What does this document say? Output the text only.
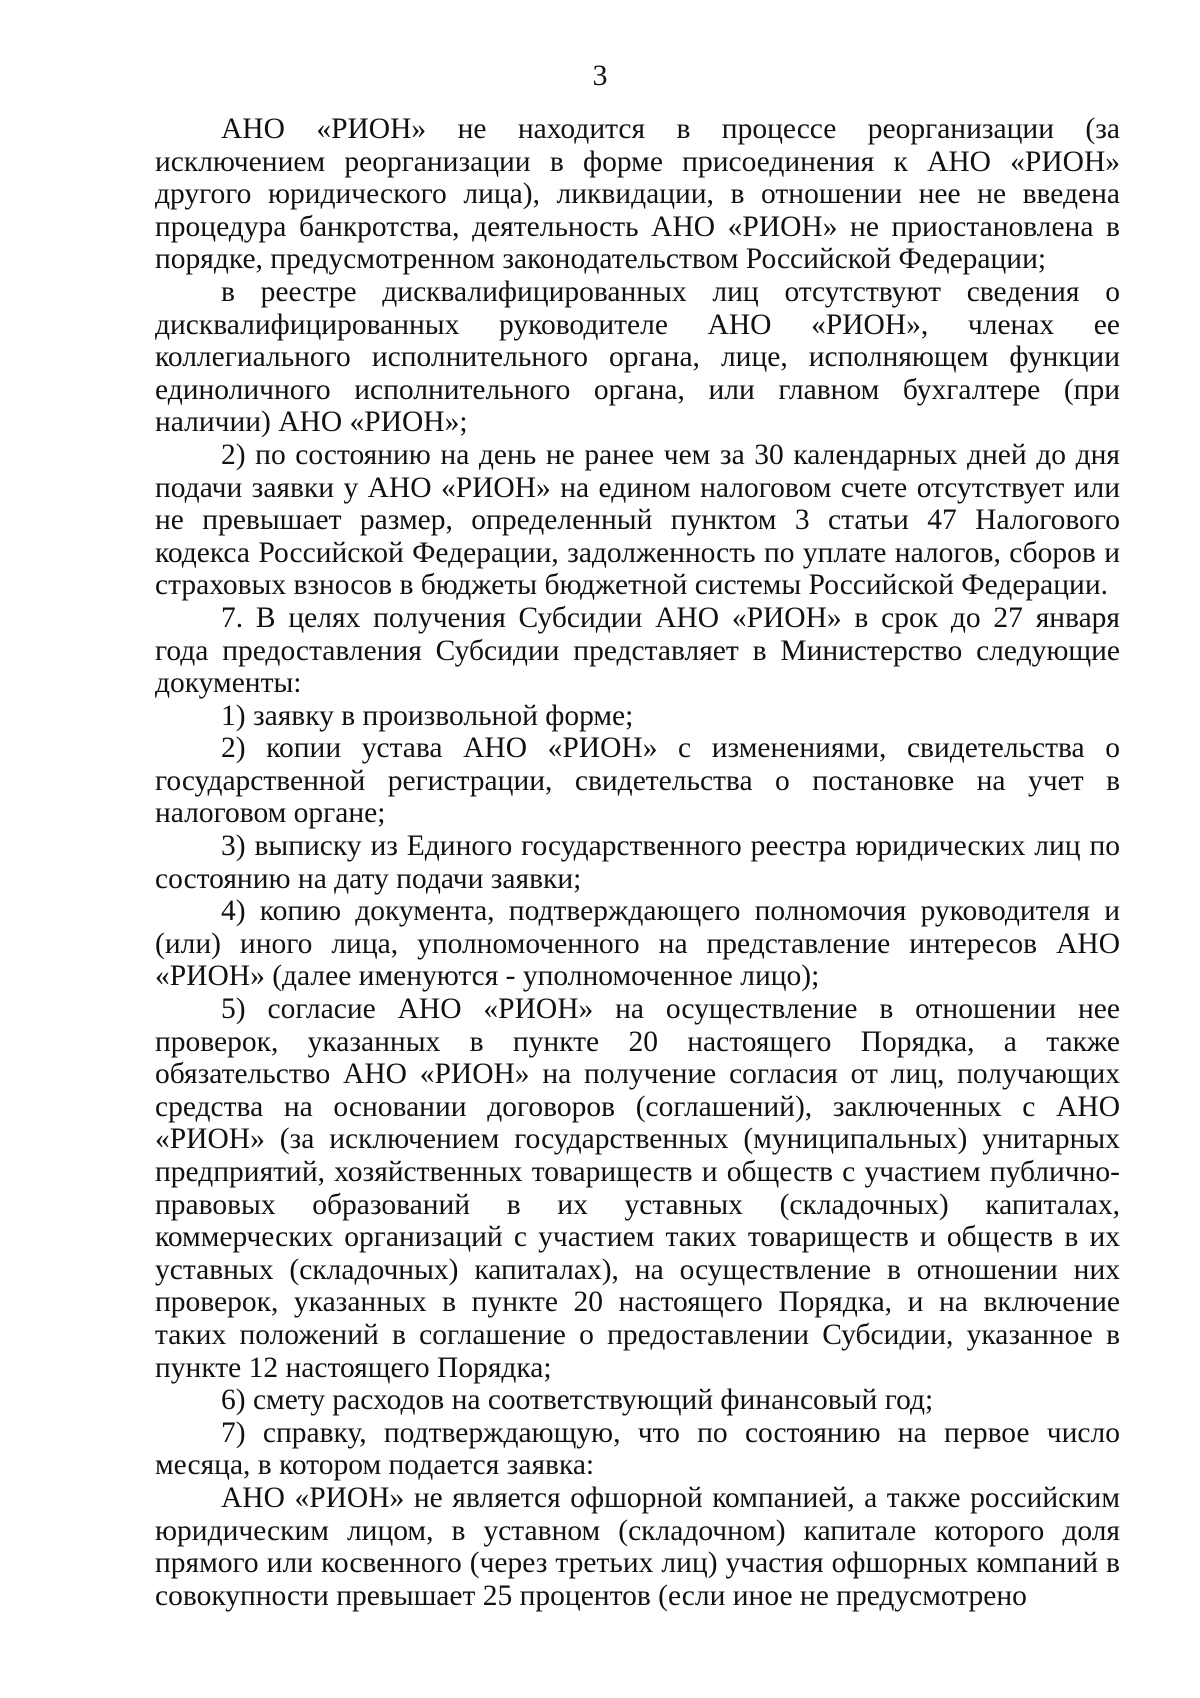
3

АНО «РИОН» не находится в процессе реорганизации (за исключением реорганизации в форме присоединения к АНО «РИОН» другого юридического лица), ликвидации, в отношении нее не введена процедура банкротства, деятельность АНО «РИОН» не приостановлена в порядке, предусмотренном законодательством Российской Федерации;

в реестре дисквалифицированных лиц отсутствуют сведения о дисквалифицированных руководителе АНО «РИОН», членах ее коллегиального исполнительного органа, лице, исполняющем функции единоличного исполнительного органа, или главном бухгалтере (при наличии) АНО «РИОН»;

2) по состоянию на день не ранее чем за 30 календарных дней до дня подачи заявки у АНО «РИОН» на едином налоговом счете отсутствует или не превышает размер, определенный пунктом 3 статьи 47 Налогового кодекса Российской Федерации, задолженность по уплате налогов, сборов и страховых взносов в бюджеты бюджетной системы Российской Федерации.

7. В целях получения Субсидии АНО «РИОН» в срок до 27 января года предоставления Субсидии представляет в Министерство следующие документы:

1) заявку в произвольной форме;

2) копии устава АНО «РИОН» с изменениями, свидетельства о государственной регистрации, свидетельства о постановке на учет в налоговом органе;

3) выписку из Единого государственного реестра юридических лиц по состоянию на дату подачи заявки;

4) копию документа, подтверждающего полномочия руководителя и (или) иного лица, уполномоченного на представление интересов АНО «РИОН» (далее именуются - уполномоченное лицо);

5) согласие АНО «РИОН» на осуществление в отношении нее проверок, указанных в пункте 20 настоящего Порядка, а также обязательство АНО «РИОН» на получение согласия от лиц, получающих средства на основании договоров (соглашений), заключенных с АНО «РИОН» (за исключением государственных (муниципальных) унитарных предприятий, хозяйственных товариществ и обществ с участием публично-правовых образований в их уставных (складочных) капиталах, коммерческих организаций с участием таких товариществ и обществ в их уставных (складочных) капиталах), на осуществление в отношении них проверок, указанных в пункте 20 настоящего Порядка, и на включение таких положений в соглашение о предоставлении Субсидии, указанное в пункте 12 настоящего Порядка;

6) смету расходов на соответствующий финансовый год;

7) справку, подтверждающую, что по состоянию на первое число месяца, в котором подается заявка:

АНО «РИОН» не является офшорной компанией, а также российским юридическим лицом, в уставном (складочном) капитале которого доля прямого или косвенного (через третьих лиц) участия офшорных компаний в совокупности превышает 25 процентов (если иное не предусмотрено
